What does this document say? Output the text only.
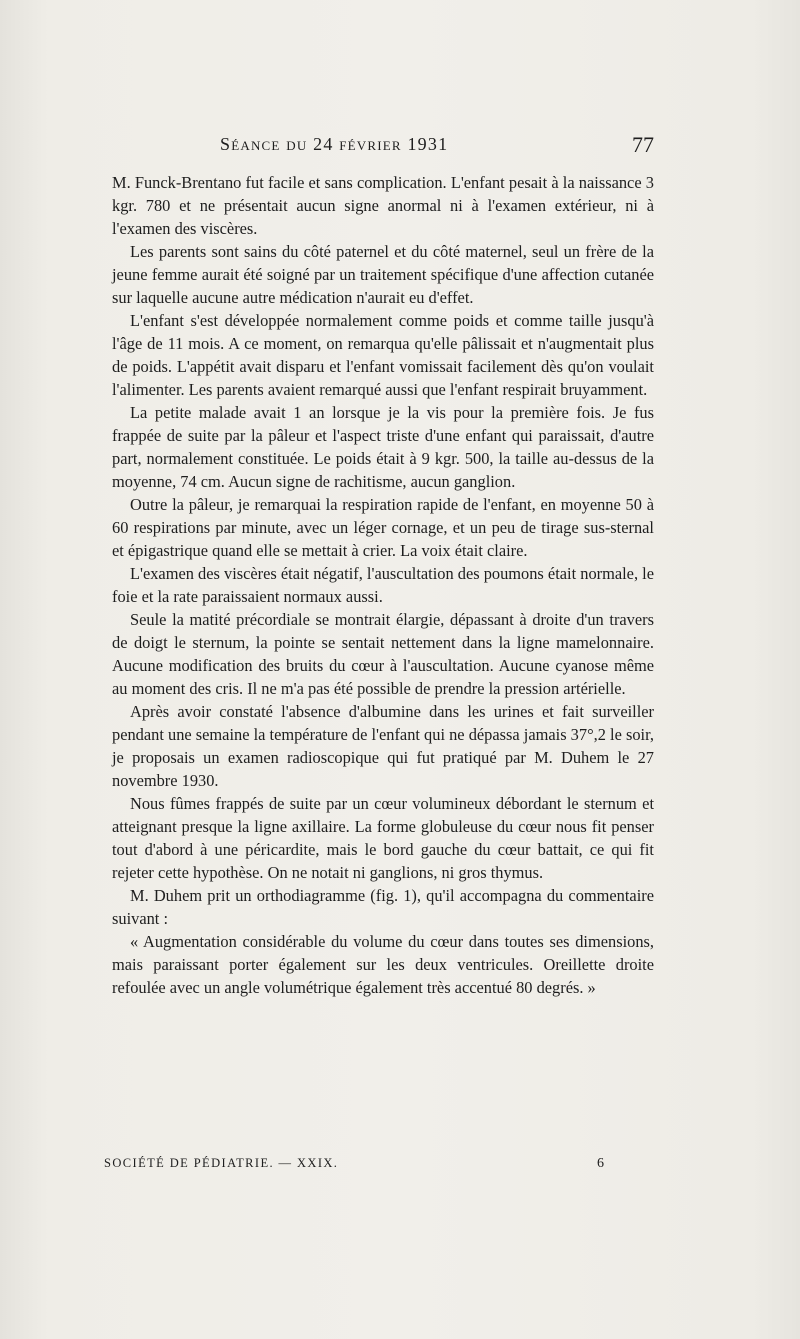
Séance du 24 février 1931	77

M. Funck-Brentano fut facile et sans complication. L'enfant pesait à la naissance 3 kgr. 780 et ne présentait aucun signe anormal ni à l'examen extérieur, ni à l'examen des viscères.

Les parents sont sains du côté paternel et du côté maternel, seul un frère de la jeune femme aurait été soigné par un traitement spécifique d'une affection cutanée sur laquelle aucune autre médication n'aurait eu d'effet.

L'enfant s'est développée normalement comme poids et comme taille jusqu'à l'âge de 11 mois. A ce moment, on remarqua qu'elle pâlissait et n'augmentait plus de poids. L'appétit avait disparu et l'enfant vomissait facilement dès qu'on voulait l'alimenter. Les parents avaient remarqué aussi que l'enfant respirait bruyamment.

La petite malade avait 1 an lorsque je la vis pour la première fois. Je fus frappée de suite par la pâleur et l'aspect triste d'une enfant qui paraissait, d'autre part, normalement constituée. Le poids était à 9 kgr. 500, la taille au-dessus de la moyenne, 74 cm. Aucun signe de rachitisme, aucun ganglion.

Outre la pâleur, je remarquai la respiration rapide de l'enfant, en moyenne 50 à 60 respirations par minute, avec un léger cornage, et un peu de tirage sus-sternal et épigastrique quand elle se mettait à crier. La voix était claire.

L'examen des viscères était négatif, l'auscultation des poumons était normale, le foie et la rate paraissaient normaux aussi.

Seule la matité précordiale se montrait élargie, dépassant à droite d'un travers de doigt le sternum, la pointe se sentait nettement dans la ligne mamelonnaire. Aucune modification des bruits du cœur à l'auscultation. Aucune cyanose même au moment des cris. Il ne m'a pas été possible de prendre la pression artérielle.

Après avoir constaté l'absence d'albumine dans les urines et fait surveiller pendant une semaine la température de l'enfant qui ne dépassa jamais 37°,2 le soir, je proposais un examen radioscopique qui fut pratiqué par M. Duhem le 27 novembre 1930.

Nous fûmes frappés de suite par un cœur volumineux débordant le sternum et atteignant presque la ligne axillaire. La forme globuleuse du cœur nous fit penser tout d'abord à une péricardite, mais le bord gauche du cœur battait, ce qui fit rejeter cette hypothèse. On ne notait ni ganglions, ni gros thymus.

M. Duhem prit un orthodiagramme (fig. 1), qu'il accompagna du commentaire suivant :

« Augmentation considérable du volume du cœur dans toutes ses dimensions, mais paraissant porter également sur les deux ventricules. Oreillette droite refoulée avec un angle volumétrique également très accentué 80 degrés. »

SOCIÉTÉ DE PÉDIATRIE. — XXIX.	6
